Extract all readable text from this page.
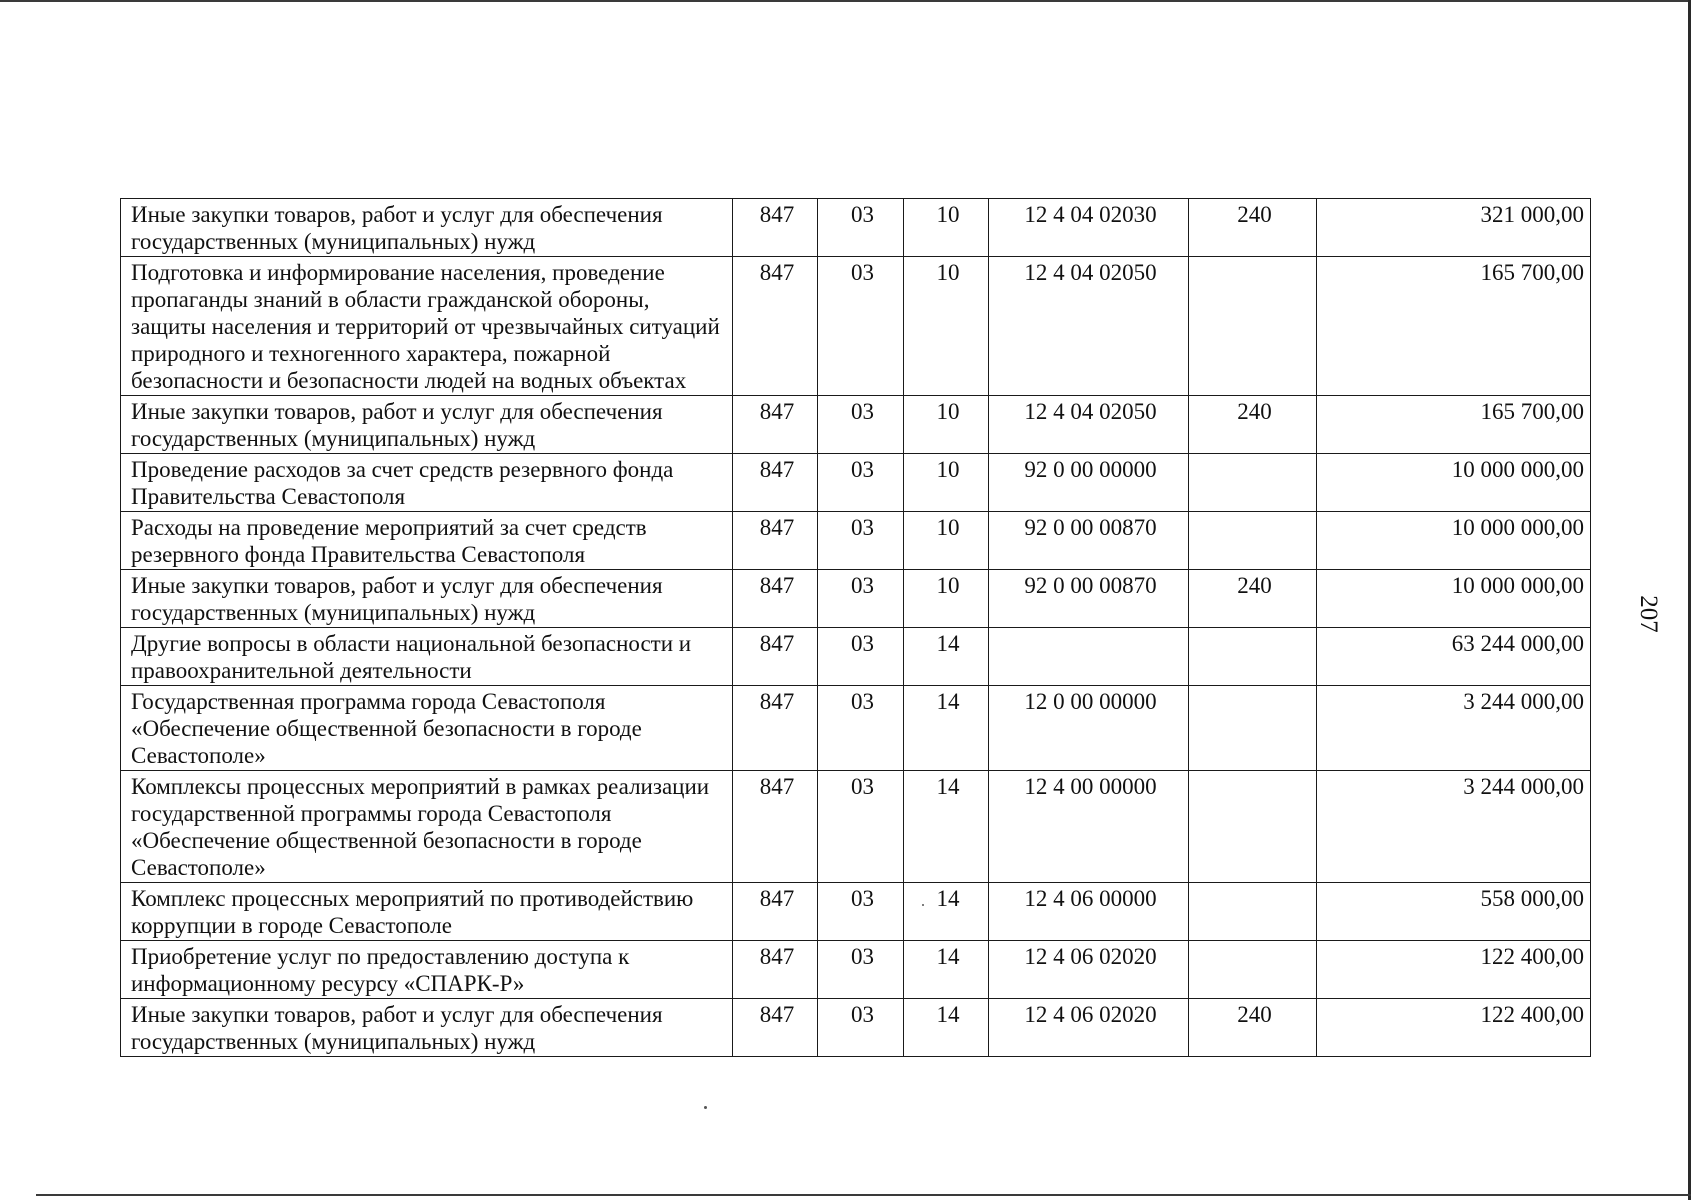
Иные закупки товаров, работ и услуг для обеспечения государственных (муниципальных) нужд	847	03	10	12 4 04 02030	240	321 000,00
Подготовка и информирование населения, проведение пропаганды знаний в области гражданской обороны, защиты населения и территорий от чрезвычайных ситуаций природного и техногенного характера, пожарной безопасности и безопасности людей на водных объектах	847	03	10	12 4 04 02050		165 700,00
Иные закупки товаров, работ и услуг для обеспечения государственных (муниципальных) нужд	847	03	10	12 4 04 02050	240	165 700,00
Проведение расходов за счет средств резервного фонда Правительства Севастополя	847	03	10	92 0 00 00000		10 000 000,00
Расходы на проведение мероприятий за счет средств резервного фонда Правительства Севастополя	847	03	10	92 0 00 00870		10 000 000,00
Иные закупки товаров, работ и услуг для обеспечения государственных (муниципальных) нужд	847	03	10	92 0 00 00870	240	10 000 000,00
Другие вопросы в области национальной безопасности и правоохранительной деятельности	847	03	14			63 244 000,00
Государственная программа города Севастополя «Обеспечение общественной безопасности в городе Севастополе»	847	03	14	12 0 00 00000		3 244 000,00
Комплексы процессных мероприятий в рамках реализации государственной программы города Севастополя «Обеспечение общественной безопасности в городе Севастополе»	847	03	14	12 4 00 00000		3 244 000,00
Комплекс процессных мероприятий по противодействию коррупции в городе Севастополе	847	03	14	12 4 06 00000		558 000,00
Приобретение услуг по предоставлению доступа к информационному ресурсу «СПАРК-Р»	847	03	14	12 4 06 02020		122 400,00
Иные закупки товаров, работ и услуг для обеспечения государственных (муниципальных) нужд	847	03	14	12 4 06 02020	240	122 400,00
207
